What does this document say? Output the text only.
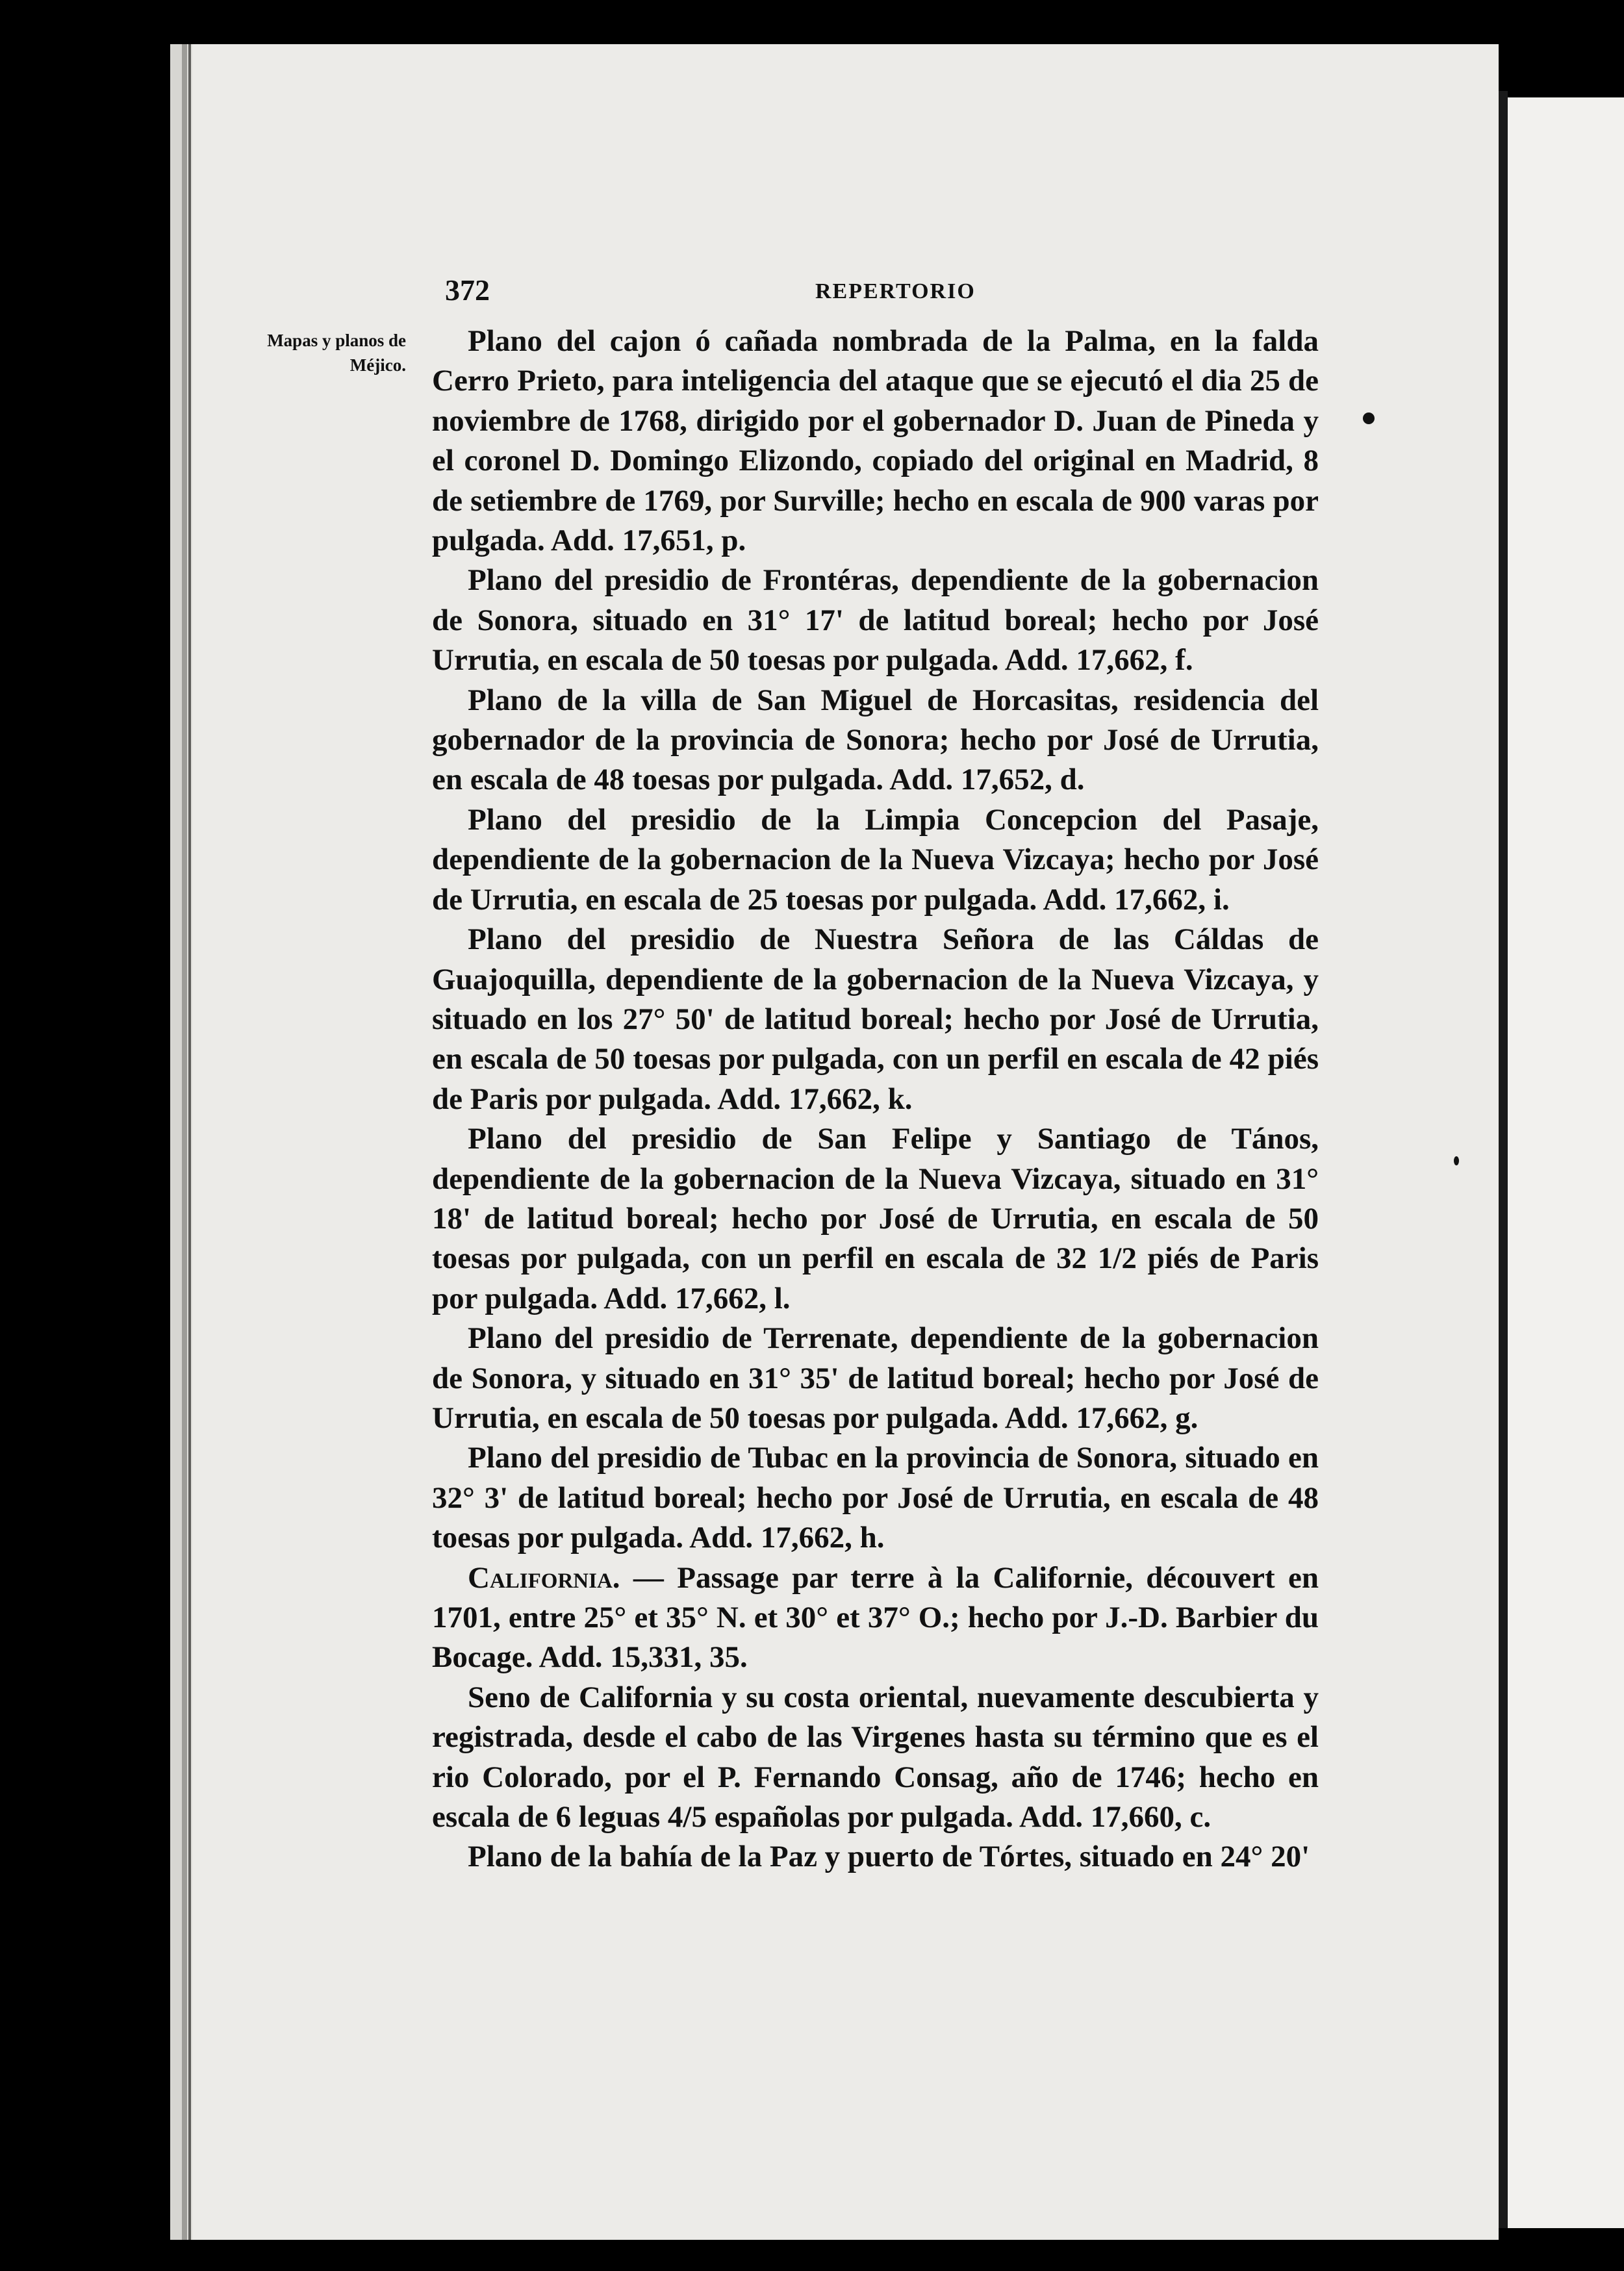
372	REPERTORIO
Mapas y planos de Méjico.

Plano del cajon ó cañada nombrada de la Palma, en la falda Cerro Prieto, para inteligencia del ataque que se ejecutó el dia 25 de noviembre de 1768, dirigido por el gobernador D. Juan de Pineda y el coronel D. Domingo Elizondo, copiado del original en Madrid, 8 de setiembre de 1769, por Surville; hecho en escala de 900 varas por pulgada. Add. 17,651, p.

Plano del presidio de Frontéras, dependiente de la gobernacion de Sonora, situado en 31° 17' de latitud boreal; hecho por José Urrutia, en escala de 50 toesas por pulgada. Add. 17,662, f.

Plano de la villa de San Miguel de Horcasitas, residencia del gobernador de la provincia de Sonora; hecho por José de Urrutia, en escala de 48 toesas por pulgada. Add. 17,652, d.

Plano del presidio de la Limpia Concepcion del Pasaje, dependiente de la gobernacion de la Nueva Vizcaya; hecho por José de Urrutia, en escala de 25 toesas por pulgada. Add. 17,662, i.

Plano del presidio de Nuestra Señora de las Cáldas de Guajoquilla, dependiente de la gobernacion de la Nueva Vizcaya, y situado en los 27° 50' de latitud boreal; hecho por José de Urrutia, en escala de 50 toesas por pulgada, con un perfil en escala de 42 piés de Paris por pulgada. Add. 17,662, k.

Plano del presidio de San Felipe y Santiago de Tános, dependiente de la gobernacion de la Nueva Vizcaya, situado en 31° 18' de latitud boreal; hecho por José de Urrutia, en escala de 50 toesas por pulgada, con un perfil en escala de 32 1/2 piés de Paris por pulgada. Add. 17,662, l.

Plano del presidio de Terrenate, dependiente de la gobernacion de Sonora, y situado en 31° 35' de latitud boreal; hecho por José de Urrutia, en escala de 50 toesas por pulgada. Add. 17,662, g.

Plano del presidio de Tubac en la provincia de Sonora, situado en 32° 3' de latitud boreal; hecho por José de Urrutia, en escala de 48 toesas por pulgada. Add. 17,662, h.

California. — Passage par terre à la Californie, découvert en 1701, entre 25° et 35° N. et 30° et 37° O.; hecho por J.-D. Barbier du Bocage. Add. 15,331, 35.

Seno de California y su costa oriental, nuevamente descubierta y registrada, desde el cabo de las Virgenes hasta su término que es el rio Colorado, por el P. Fernando Consag, año de 1746; hecho en escala de 6 leguas 4/5 españolas por pulgada. Add. 17,660, c.

Plano de la bahía de la Paz y puerto de Tórtes, situado en 24° 20'
